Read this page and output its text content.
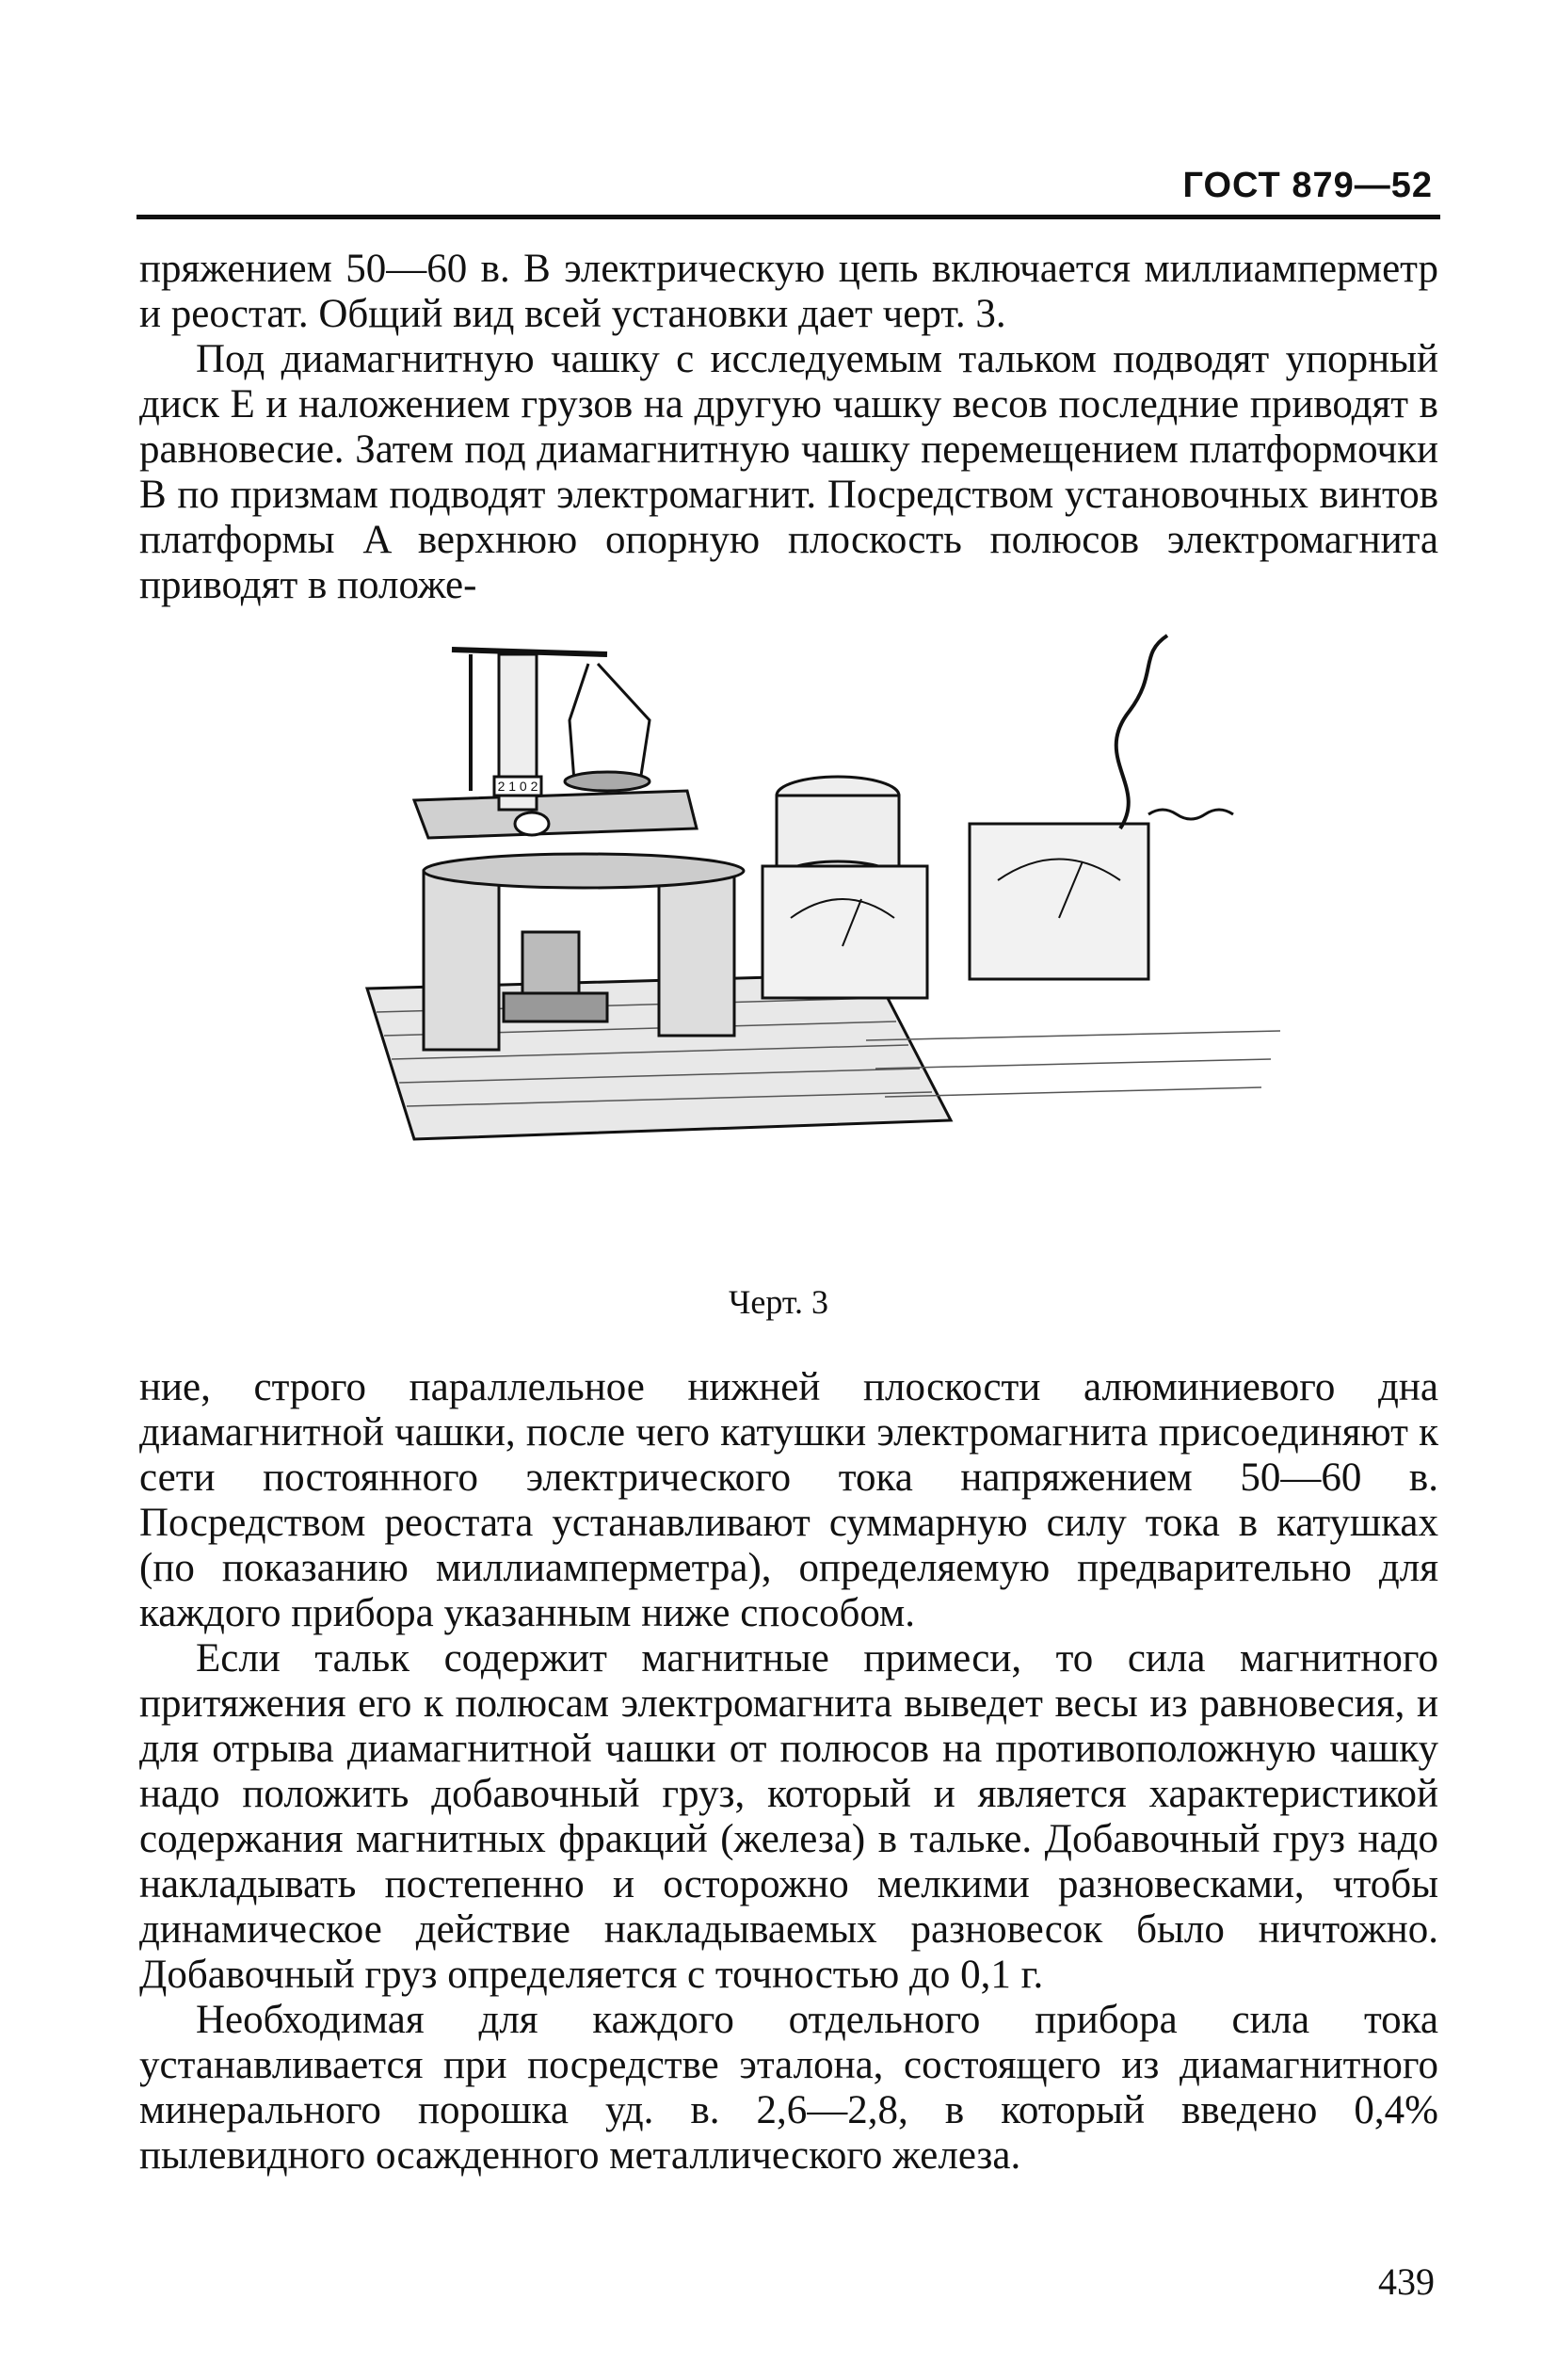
ГОСТ 879—52

пряжением 50—60 в. В электрическую цепь включается миллиамперметр и реостат. Общий вид всей установки дает черт. 3.

Под диамагнитную чашку с исследуемым тальком подводят упорный диск E и наложением грузов на другую чашку весов последние приводят в равновесие. Затем под диамагнитную чашку перемещением платформочки B по призмам подводят электромагнит. Посредством установочных винтов платформы A верхнюю опорную плоскость полюсов электромагнита приводят в положе-

2 1 0 2
Черт. 3

ние, строго параллельное нижней плоскости алюминиевого дна диамагнитной чашки, после чего катушки электромагнита присоединяют к сети постоянного электрического тока напряжением 50—60 в. Посредством реостата устанавливают суммарную силу тока в катушках (по показанию миллиамперметра), определяемую предварительно для каждого прибора указанным ниже способом.

Если тальк содержит магнитные примеси, то сила магнитного притяжения его к полюсам электромагнита выведет весы из равновесия, и для отрыва диамагнитной чашки от полюсов на противоположную чашку надо положить добавочный груз, который и является характеристикой содержания магнитных фракций (железа) в тальке. Добавочный груз надо накладывать постепенно и осторожно мелкими разновесками, чтобы динамическое действие накладываемых разновесок было ничтожно. Добавочный груз определяется с точностью до 0,1 г.

Необходимая для каждого отдельного прибора сила тока устанавливается при посредстве эталона, состоящего из диамагнитного минерального порошка уд. в. 2,6—2,8, в который введено 0,4% пылевидного осажденного металлического железа.

439
